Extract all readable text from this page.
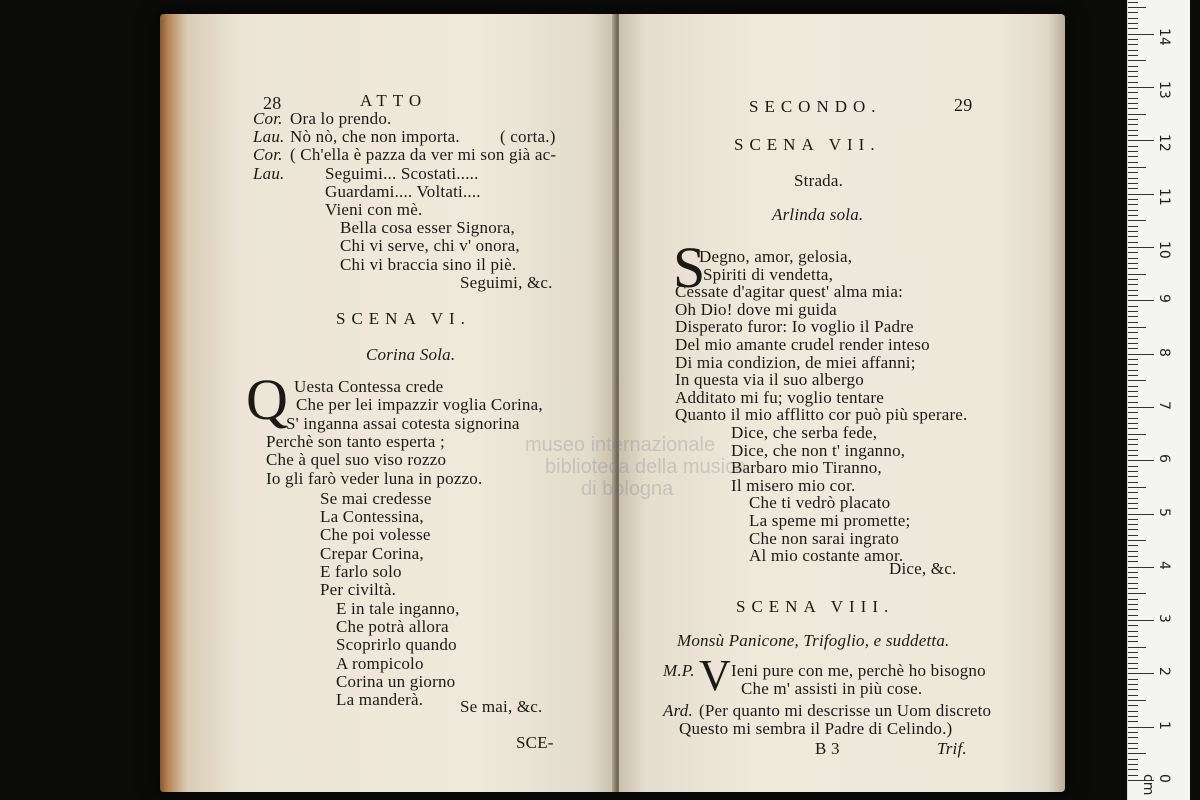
28	ATTO
SCENA VI.
Corina Sola.
Q
Se mai, &c.
SCE-
Cor. Ora lo prendo.
Lau. Nò nò, che non importa. ( corta.)
Cor. ( Ch'ella è pazza da ver mi son già ac-
Lau. Seguimi... Scostati.....
Guardami.... Voltati....
Vieni con mè.
Bella cosa esser Signora,
Chi vi serve, chi v' onora,
Chi vi braccia sino il piè.
Seguimi, &c.
Uesta Contessa crede
Che per lei impazzir voglia Corina,
S' inganna assai cotesta signorina
Perchè son tanto esperta ;
Che à quel suo viso rozzo
Io gli farò veder luna in pozzo.
Se mai credesse
La Contessina,
Che poi volesse
Crepar Corina,
E farlo solo
Per civiltà.
E in tale inganno,
Che potrà allora
Scoprirlo quando
A rompicolo
Corina un giorno
La manderà.
SECONDO.	29
SCENA VII.
Strada.
Arlinda sola.
S
Dice, &c.
SCENA VIII.
Monsù Panicone, Trifoglio, e suddetta.
M.P. V Ieni pure con me, perchè ho bisogno
Che m' assisti in più cose.
Ard. (Per quanto mi descrisse un Uom discreto
Questo mi sembra il Padre di Celindo.)
B 3	Trif.
Degno, amor, gelosia,
Spiriti di vendetta,
Cessate d'agitar quest' alma mia:
Oh Dio! dove mi guida
Disperato furor: Io voglio il Padre
Del mio amante crudel render inteso
Di mia condizion, de miei affanni;
In questa via il suo albergo
Additato mi fu; voglio tentare
Quanto il mio afflitto cor può più sperare.
Dice, che serba fede,
Dice, che non t' inganno,
Barbaro mio Tiranno,
Il misero mio cor.
Che ti vedrò placato
La speme mi promette;
Che non sarai ingrato
Al mio costante amor.
museo internazionale
biblioteca della musica
di bologna
0 cm
1
2
3
4
5
6
7
8
9
10
11
12
13
14
